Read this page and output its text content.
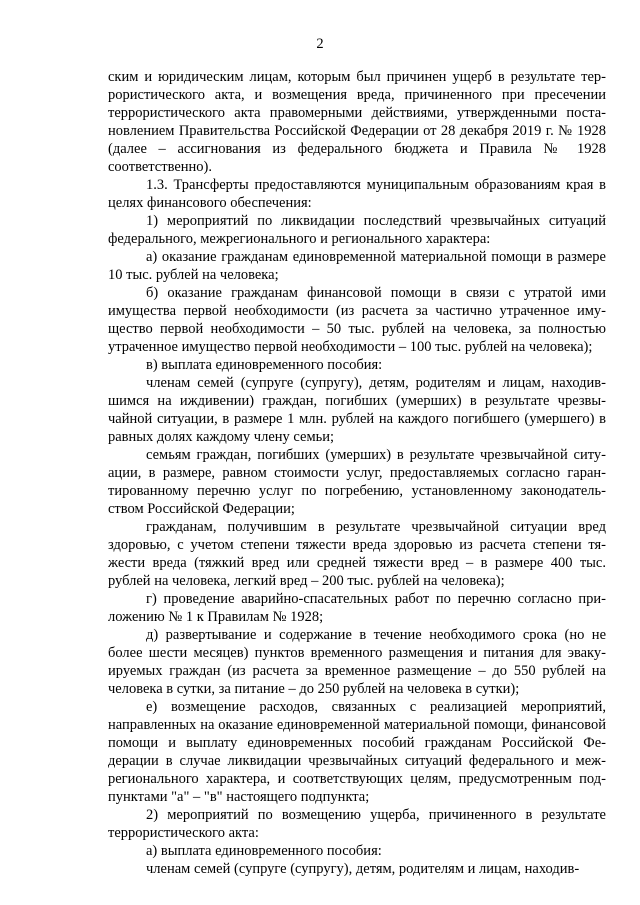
2

ским и юридическим лицам, которым был причинен ущерб в результате террористического акта, и возмещения вреда, причиненного при пресечении террористического акта правомерными действиями, утвержденными постановлением Правительства Российской Федерации от 28 декабря 2019 г. № 1928 (далее – ассигнования из федерального бюджета и Правила № 1928 соответственно).

1.3. Трансферты предоставляются муниципальным образованиям края в целях финансового обеспечения:

1) мероприятий по ликвидации последствий чрезвычайных ситуаций федерального, межрегионального и регионального характера:

а) оказание гражданам единовременной материальной помощи в размере 10 тыс. рублей на человека;

б) оказание гражданам финансовой помощи в связи с утратой ими имущества первой необходимости (из расчета за частично утраченное имущество первой необходимости – 50 тыс. рублей на человека, за полностью утраченное имущество первой необходимости – 100 тыс. рублей на человека);

в) выплата единовременного пособия:

членам семей (супруге (супругу), детям, родителям и лицам, находившимся на иждивении) граждан, погибших (умерших) в результате чрезвычайной ситуации, в размере 1 млн. рублей на каждого погибшего (умершего) в равных долях каждому члену семьи;

семьям граждан, погибших (умерших) в результате чрезвычайной ситуации, в размере, равном стоимости услуг, предоставляемых согласно гарантированному перечню услуг по погребению, установленному законодательством Российской Федерации;

гражданам, получившим в результате чрезвычайной ситуации вред здоровью, с учетом степени тяжести вреда здоровью из расчета степени тяжести вреда (тяжкий вред или средней тяжести вред – в размере 400 тыс. рублей на человека, легкий вред – 200 тыс. рублей на человека);

г) проведение аварийно-спасательных работ по перечню согласно приложению № 1 к Правилам № 1928;

д) развертывание и содержание в течение необходимого срока (но не более шести месяцев) пунктов временного размещения и питания для эвакуируемых граждан (из расчета за временное размещение – до 550 рублей на человека в сутки, за питание – до 250 рублей на человека в сутки);

е) возмещение расходов, связанных с реализацией мероприятий, направленных на оказание единовременной материальной помощи, финансовой помощи и выплату единовременных пособий гражданам Российской Федерации в случае ликвидации чрезвычайных ситуаций федерального и межрегионального характера, и соответствующих целям, предусмотренным подпунктами "а" – "в" настоящего подпункта;

2) мероприятий по возмещению ущерба, причиненного в результате террористического акта:

а) выплата единовременного пособия:

членам семей (супруге (супругу), детям, родителям и лицам, находив-
